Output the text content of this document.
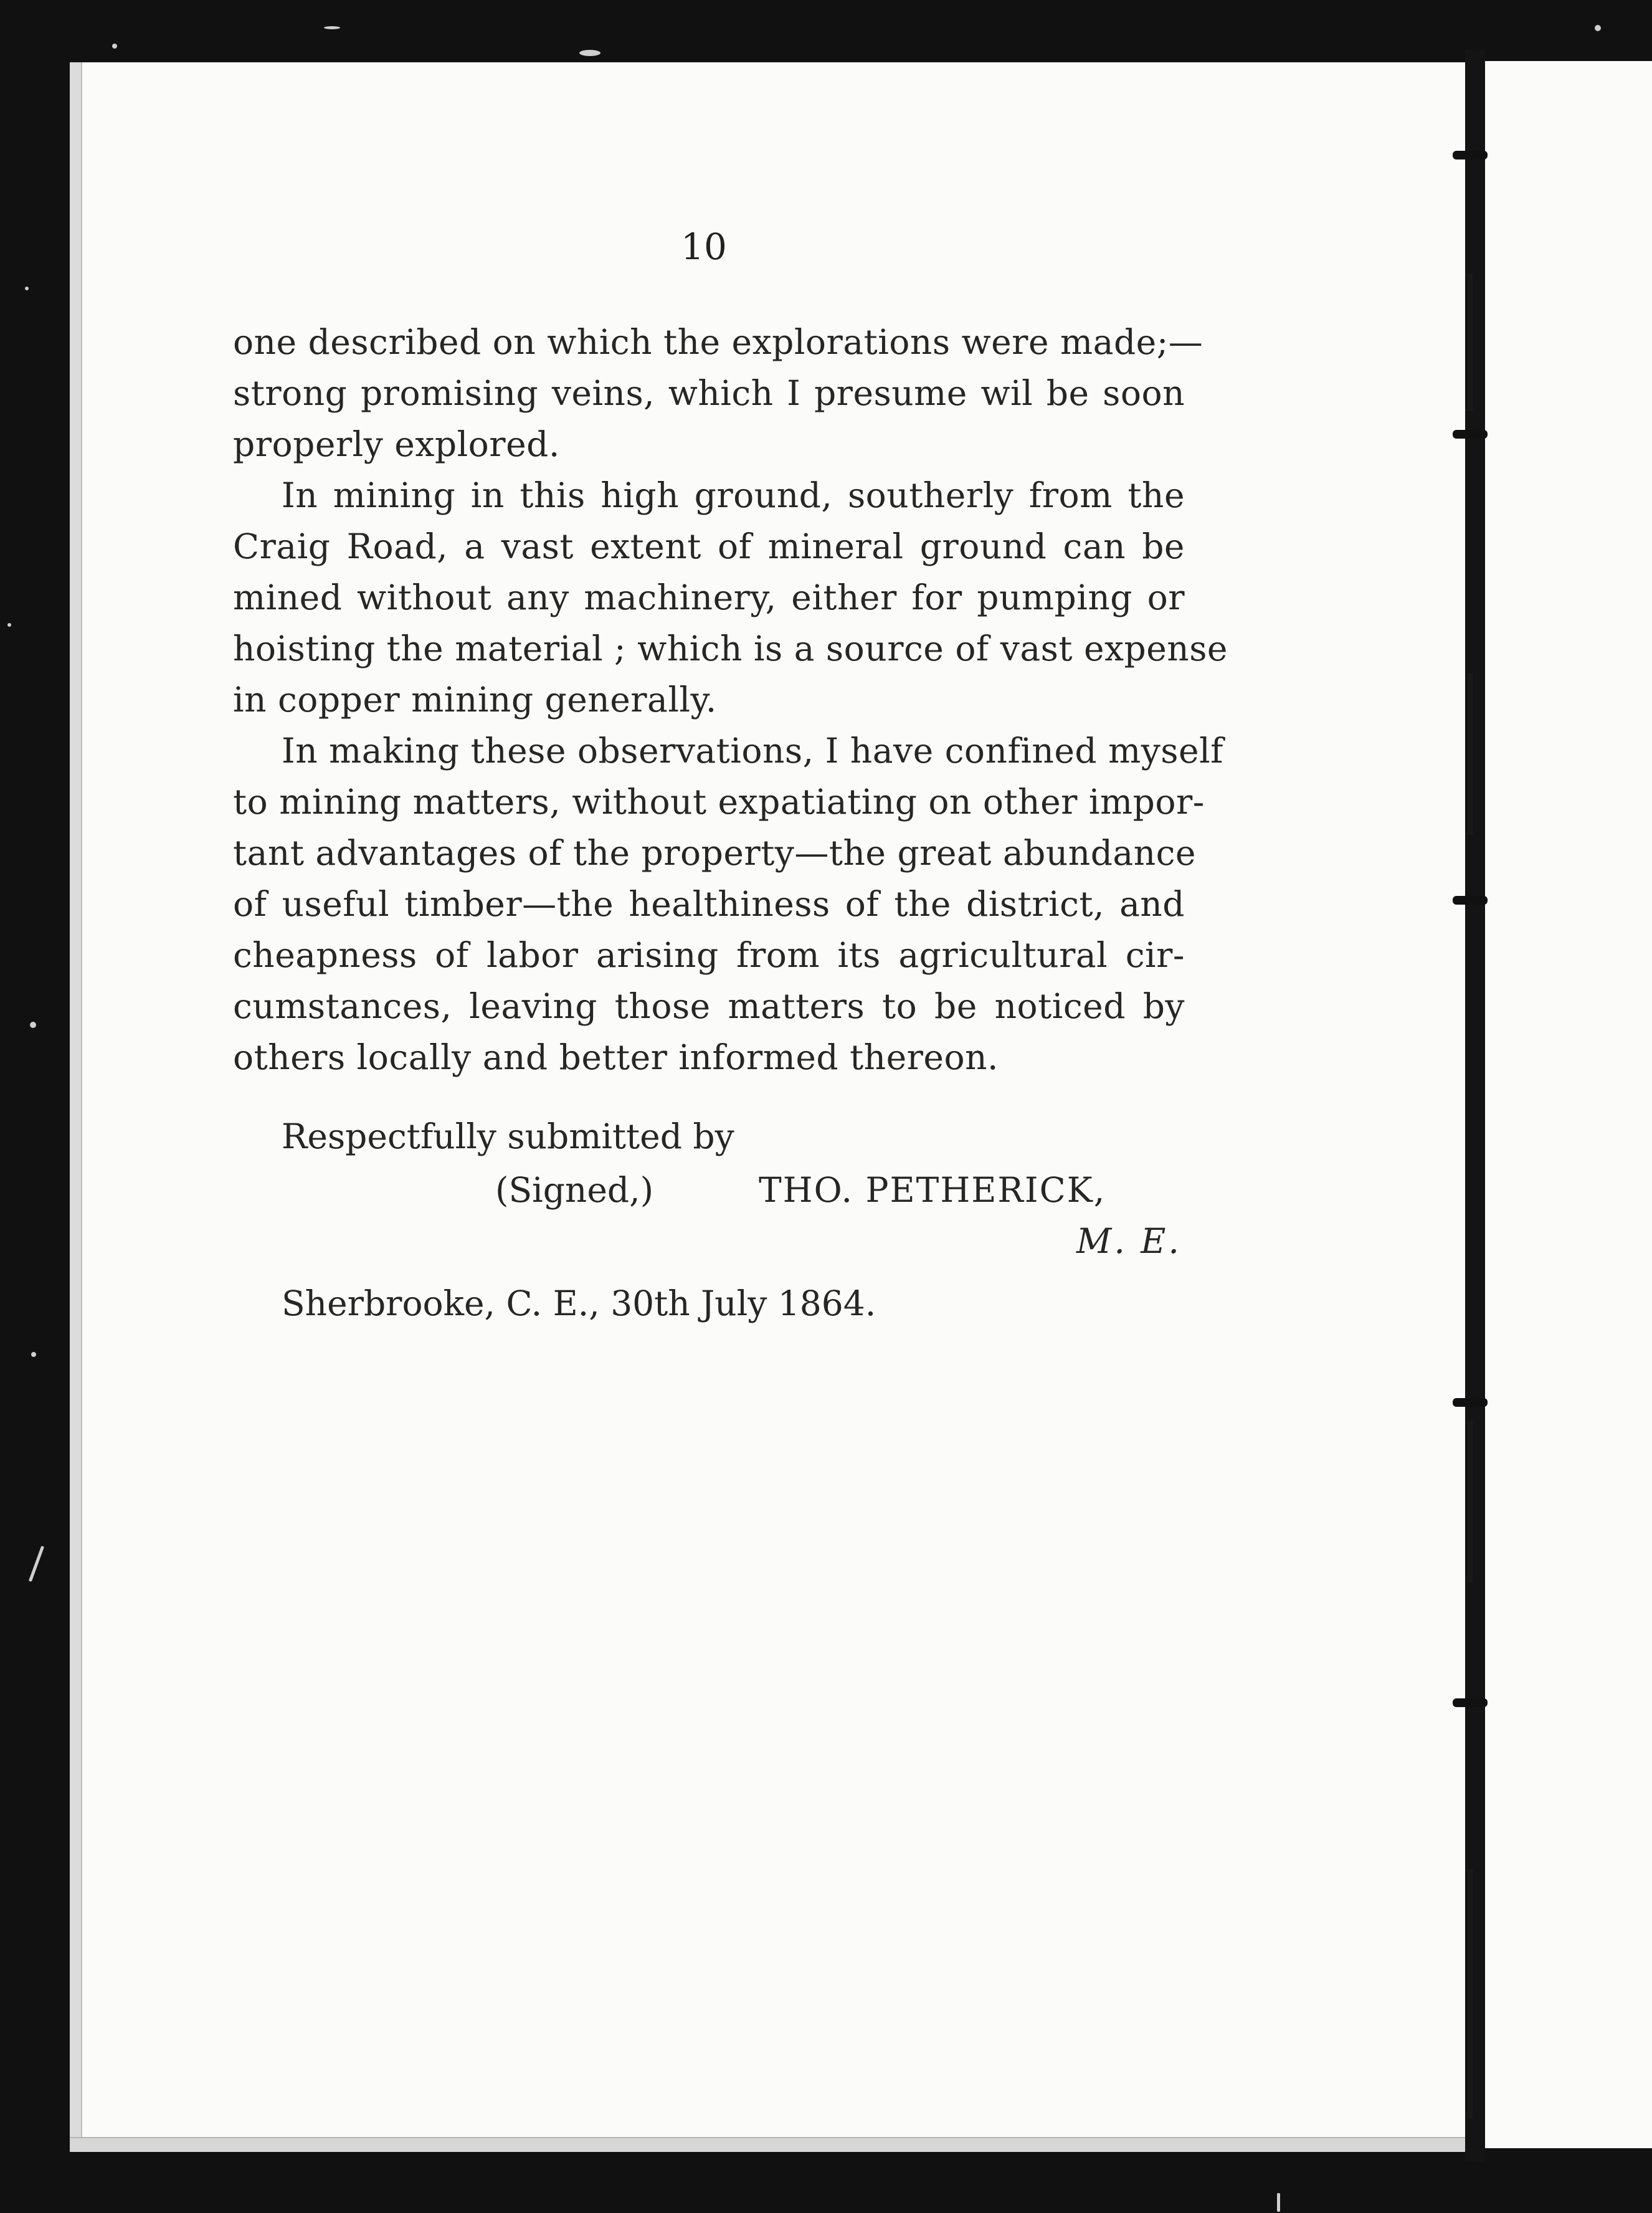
10
one described on which the explorations were made;—
strong promising veins, which I presume wil be soon
properly explored.
In mining in this high ground, southerly from the
Craig Road, a vast extent of mineral ground can be
mined without any machinery, either for pumping or
hoisting the material ; which is a source of vast expense
in copper mining generally.
In making these observations, I have confined myself
to mining matters, without expatiating on other impor-
tant advantages of the property—the great abundance
of useful timber—the healthiness of the district, and
cheapness of labor arising from its agricultural cir-
cumstances, leaving those matters to be noticed by
others locally and better informed thereon.
Respectfully submitted by
(Signed,)	THO. PETHERICK,
M. E.
Sherbrooke, C. E., 30th July 1864.
